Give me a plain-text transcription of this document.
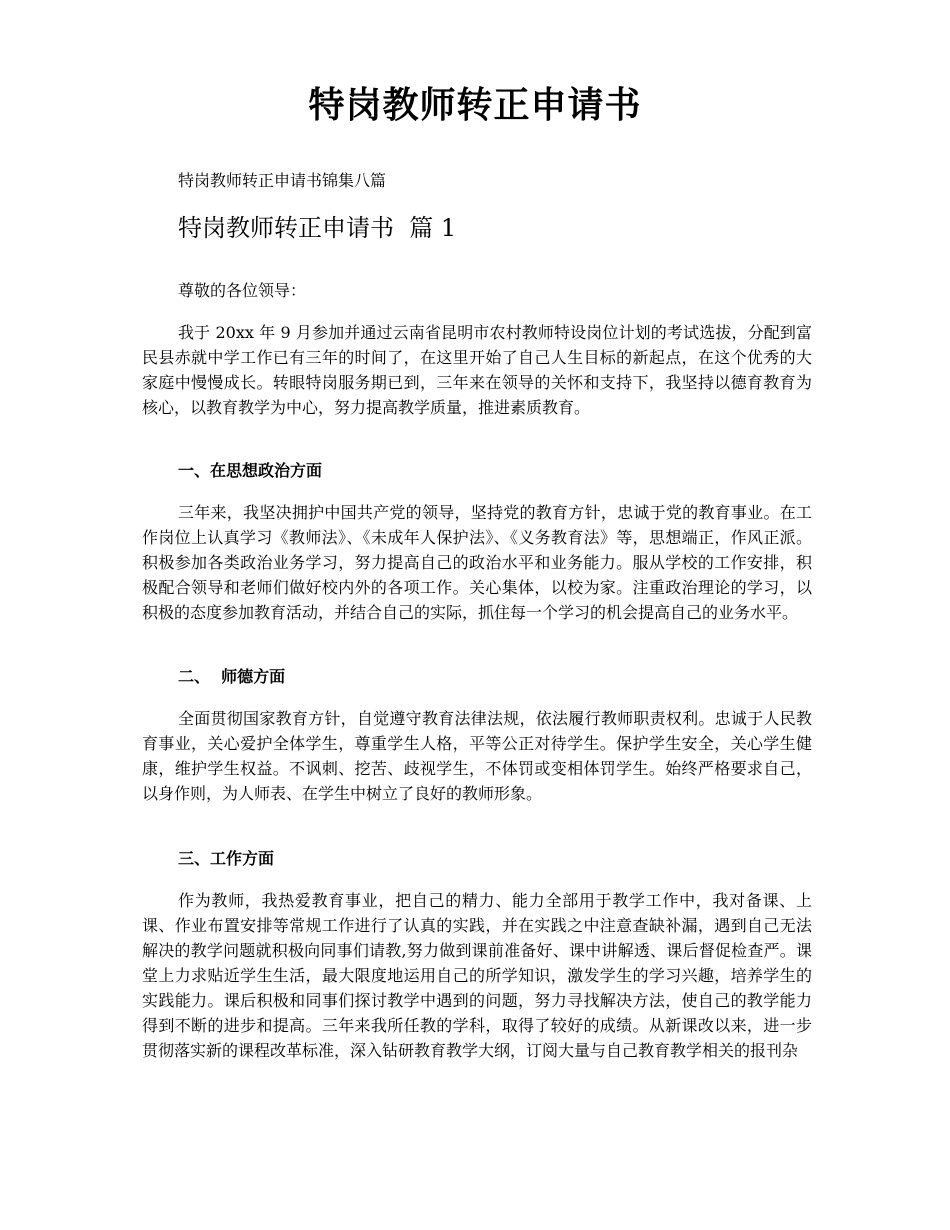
特岗教师转正申请书
特岗教师转正申请书锦集八篇
特岗教师转正申请书  篇 1
尊敬的各位领导：

我于 20xx 年 9 月参加并通过云南省昆明市农村教师特设岗位计划的考试选拔，分配到富民县赤就中学工作已有三年的时间了，在这里开始了自己人生目标的新起点，在这个优秀的大家庭中慢慢成长。转眼特岗服务期已到，三年来在领导的关怀和支持下，我坚持以德育教育为核心，以教育教学为中心，努力提高教学质量，推进素质教育。

一、在思想政治方面

三年来，我坚决拥护中国共产党的领导，坚持党的教育方针，忠诚于党的教育事业。在工作岗位上认真学习《教师法》、《未成年人保护法》、《义务教育法》等，思想端正，作风正派。积极参加各类政治业务学习，努力提高自己的政治水平和业务能力。服从学校的工作安排，积极配合领导和老师们做好校内外的各项工作。关心集体，以校为家。注重政治理论的学习，以积极的态度参加教育活动，并结合自己的实际，抓住每一个学习的机会提高自己的业务水平。

二、  师德方面

全面贯彻国家教育方针，自觉遵守教育法律法规，依法履行教师职责权利。忠诚于人民教育事业，关心爱护全体学生，尊重学生人格，平等公正对待学生。保护学生安全，关心学生健康，维护学生权益。不讽刺、挖苦、歧视学生，不体罚或变相体罚学生。始终严格要求自己，以身作则，为人师表、在学生中树立了良好的教师形象。

三、工作方面

作为教师，我热爱教育事业，把自己的精力、能力全部用于教学工作中，我对备课、上课、作业布置安排等常规工作进行了认真的实践，并在实践之中注意查缺补漏，遇到自己无法解决的教学问题就积极向同事们请教,努力做到课前准备好、课中讲解透、课后督促检查严。课堂上力求贴近学生生活，最大限度地运用自己的所学知识，激发学生的学习兴趣，培养学生的实践能力。课后积极和同事们探讨教学中遇到的问题，努力寻找解决方法，使自己的教学能力得到不断的进步和提高。三年来我所任教的学科，取得了较好的成绩。从新课改以来，进一步贯彻落实新的课程改革标准，深入钻研教育教学大纲，订阅大量与自己教育教学相关的报刊杂
